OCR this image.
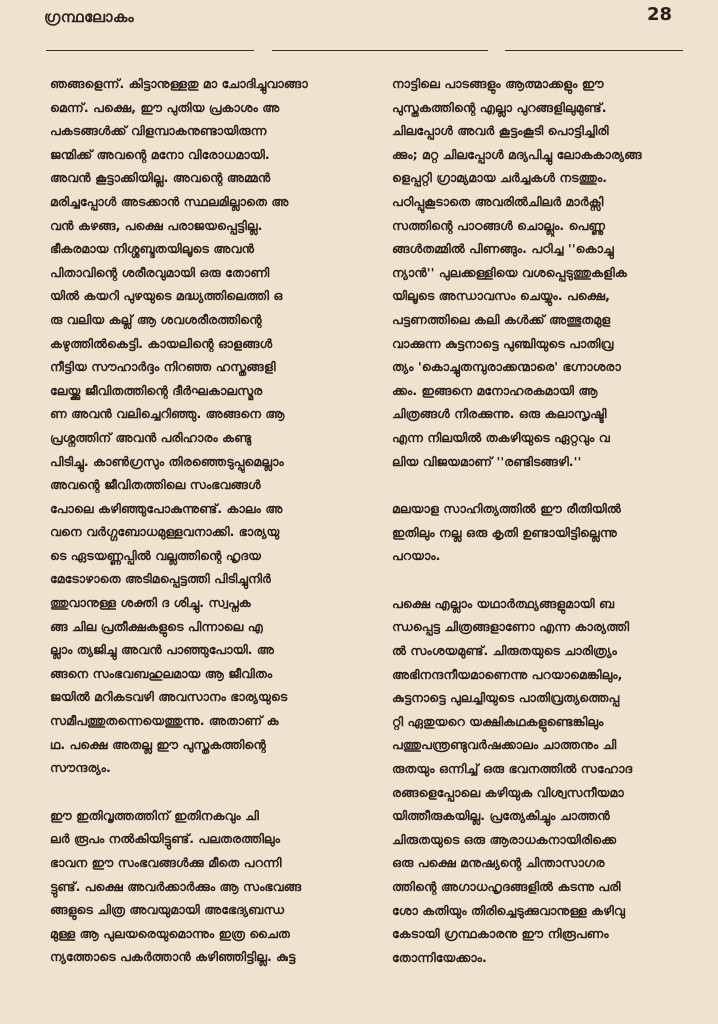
ഗ്രന്ഥലോകം	28
ഞങ്ങളെന്ന്. കിട്ടാനുള്ളതു മാ ചോദിച്ചുവാങ്ങാ
മെന്ന്. പക്ഷെ, ഈ പുതിയ പ്രകാശം അ
പകടങ്ങൾക്ക് വിളമ്പാകനുണ്ടായിരുന്ന
ജന്മിക്ക് അവന്റെ മനോ വിരോധമായി.
അവൻ കൂട്ടാക്കിയില്ല. അവന്റെ അമ്മൻ
മരിച്ചപ്പോൾ അടക്കാൻ സ്ഥലമില്ലാതെ അ
വൻ കഴങ്ങ, പക്ഷെ പരാജയപ്പെട്ടില്ല.
ഭീകരമായ നിശ്ശബ്ദതയിലൂടെ അവൻ
പിതാവിന്റെ ശരീരവുമായി ഒരു തോണി
യിൽ കയറി പുഴയുടെ മദ്ധ്യത്തിലെത്തി ഒ
രു വലിയ കല്ല് ആ ശവശരീരത്തിന്റെ
കഴുത്തിൽകെട്ടി. കായലിന്റെ ഓളങ്ങൾ
നീട്ടിയ സൗഹാർദ്ദം നിറഞ്ഞ ഹസ്തങ്ങളി
ലേയ്ക്കു ജീവിതത്തിന്റെ ദീർഘകാലസ്മര
ണ അവൻ വലിച്ചെറിഞ്ഞു. അങ്ങനെ ആ
പ്രശ്നത്തിന് അവൻ പരിഹാരം കണ്ടു
പിടിച്ചു. കാൺഗ്രസും തിരഞ്ഞെടുപ്പുമെല്ലാം
അവന്റെ ജീവിതത്തിലെ സംഭവങ്ങൾ
പോലെ കഴിഞ്ഞുപോകുന്നുണ്ട്. കാലം അ
വനെ വർഗ്ഗബോധമുള്ളവനാക്കി. ഭാര്യയു
ടെ ഏടയണ്ണപ്പിൽ വല്ലത്തിന്റെ ഹൃദയ
മേടോഴാതെ അടിമപ്പെട്ടത്തി പിടിച്ചുനിർ
ത്തുവാനുള്ള ശക്തി ദ ശിച്ചു. സ്വപ്നക
ങ്ങ ചില പ്രതീക്ഷകളുടെ പിന്നാലെ എ
ല്ലാം ത്യജിച്ചു അവൻ പാഞ്ഞുപോയി. അ
ങ്ങനെ സംഭവബഹുലമായ ആ ജീവിതം
ജയിൽ മറികടവഴി അവസാനം ഭാര്യയുടെ
സമീപത്തുതന്നെയെത്തുന്നു. അതാണ് ക
ഥ. പക്ഷെ അതല്ല ഈ പുസ്തകത്തിന്റെ
സൗന്ദര്യം.
ഈ ഇതിവൃത്തത്തിന് ഇതിനകവും ചി
ലർ രൂപം നൽകിയിട്ടുണ്ട്. പലതരത്തിലും
ഭാവന ഈ സംഭവങ്ങൾക്കു മീതെ പറന്നി
ട്ടുണ്ട്. പക്ഷെ അവർക്കാർക്കും ആ സംഭവങ്ങ
ങ്ങളുടെ ചിത്ര അവയുമായി അഭേദ്യബന്ധ
മുള്ള ആ പുലയരെയുമൊന്നും ഇത്ര ചൈത
ന്യത്തോടെ പകർത്താൻ കഴിഞ്ഞിട്ടില്ല. കുട്ട
നാട്ടിലെ പാടങ്ങളും ആത്മാക്കളും ഈ
പുസ്തകത്തിന്റെ എല്ലാ പുറങ്ങളിലുമുണ്ട്.
ചിലപ്പോൾ അവർ കൂട്ടംകൂടി പൊട്ടിച്ചിരി
ക്കും; മറ്റ ചിലപ്പോൾ മദ്യപിച്ചു ലോകകാര്യങ്ങ
ളെപ്പറ്റി ഗ്രാമ്യമായ ചർച്ചകൾ നടത്തും.
പഠിപ്പുകൂടാതെ അവരിൽചിലർ മാർക്സി
സത്തിന്റെ പാഠങ്ങൾ ചൊല്ലും. പെണ്ണു
ങ്ങൾതമ്മിൽ പിണങ്ങും. പഠിച്ച ''കൊച്ചു
ന്യാൻ'' പുലക്കള്ളിയെ വശപ്പെടുത്തുകളിക
യിലൂടെ അന്ധാവസം ചെയ്യും. പക്ഷെ,
പട്ടണത്തിലെ കലി കൾക്ക് അത്ഭുതമുള
വാക്കുന്ന കുട്ടനാട്ടെ പുഞ്ചിയുടെ പാതിവ്ര
ത്യം 'കൊച്ചുതമ്പുരാക്കന്മാരെ' ഭഗ്നാശരാ
ക്കം. ഇങ്ങനെ മനോഹരകമായി ആ
ചിത്രങ്ങൾ നിരക്കുന്നു. ഒരു കലാസൃഷ്ടി
എന്ന നിലയിൽ തകഴിയുടെ ഏറ്റവും വ
ലിയ വിജയമാണ് ''രണ്ടിടങ്ങഴി.''
മലയാള സാഹിത്യത്തിൽ ഈ രീതിയിൽ
ഇതിലും നല്ല ഒരു കൃതി ഉണ്ടായിട്ടില്ലെന്നു
പറയാം.
പക്ഷെ എല്ലാം യഥാർത്ഥ്യങ്ങളുമായി ബ
ന്ധപ്പെട്ട ചിത്രങ്ങളാണോ എന്ന കാര്യത്തി
ൽ സംശയമുണ്ട്. ചിരുതയുടെ ചാരിത്ര്യം
അഭിനന്ദനീയമാണെന്നു പറയാമെങ്കിലും,
കുട്ടനാട്ടെ പുലച്ചിയുടെ പാതിവ്രത്യത്തെപ്പ
റ്റി ഏതുയറെ യക്ഷികഥകളുണ്ടെങ്കിലും
പത്തുപന്ത്രണ്ടുവർഷക്കാലം ചാത്തനും ചി
രുതയും ഒന്നിച്ച് ഒരു ഭവനത്തിൽ സഹോദ
രങ്ങളെപ്പോലെ കഴിയുക വിശ്വസനീയമാ
യിത്തീരുകയില്ല. പ്രത്യേകിച്ചും ചാത്തൻ
ചിരുതയുടെ ഒരു ആരാധകനായിരിക്കെ
ഒരു പക്ഷെ മനുഷ്യന്റെ ചിന്താസാഗര
ത്തിന്റെ അഗാധഹൃദങ്ങളിൽ കടന്നു പരി
ശോ കതിയും തിരിച്ചെടുക്കുവാനുള്ള കഴിവു
കേടായി ഗ്രന്ഥകാരനു ഈ നിരൂപണം
തോന്നിയേക്കാം.
